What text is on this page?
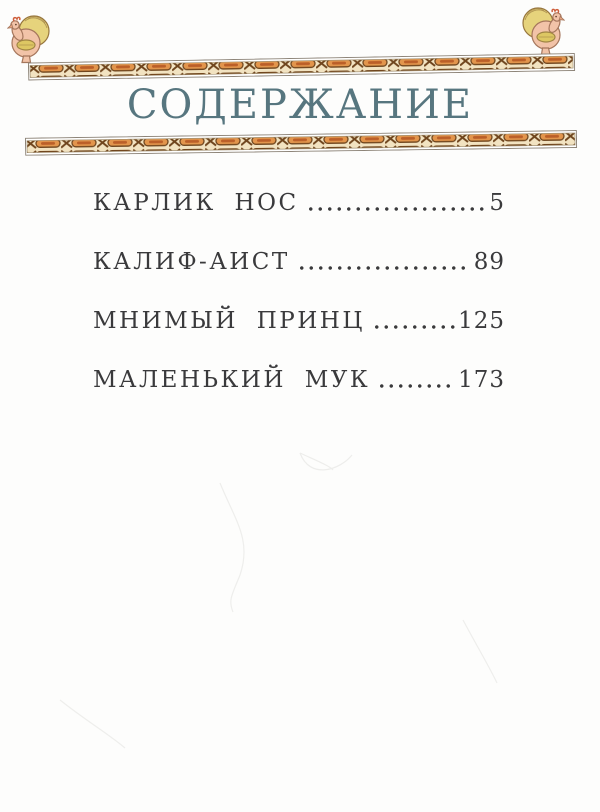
СОДЕРЖАНИЕ
КАРЛИК НОС	5
КАЛИФ-АИСТ	89
МНИМЫЙ ПРИНЦ	125
МАЛЕНЬКИЙ МУК	173
